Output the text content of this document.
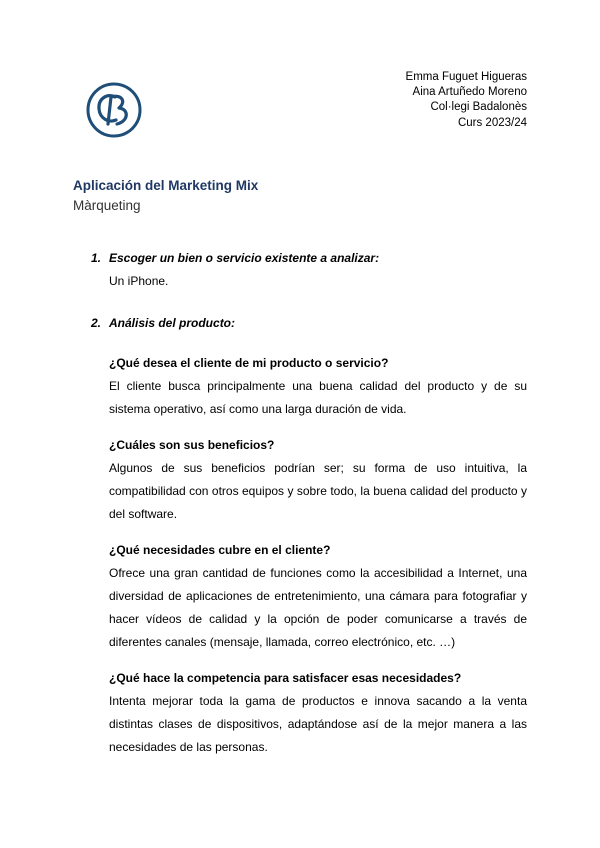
Emma Fuguet Higueras
Aina Artuñedo Moreno
Col·legi Badalonès
Curs 2023/24
Aplicación del Marketing Mix
Màrqueting
1. Escoger un bien o servicio existente a analizar:

Un iPhone.

2. Análisis del producto:

¿Qué desea el cliente de mi producto o servicio?

El cliente busca principalmente una buena calidad del producto y de su sistema operativo, así como una larga duración de vida.

¿Cuáles son sus beneficios?

Algunos de sus beneficios podrían ser; su forma de uso intuitiva, la compatibilidad con otros equipos y sobre todo, la buena calidad del producto y del software.

¿Qué necesidades cubre en el cliente?

Ofrece una gran cantidad de funciones como la accesibilidad a Internet, una diversidad de aplicaciones de entretenimiento, una cámara para fotografiar y hacer vídeos de calidad y la opción de poder comunicarse a través de diferentes canales (mensaje, llamada, correo electrónico, etc. …)

¿Qué hace la competencia para satisfacer esas necesidades?

Intenta mejorar toda la gama de productos e innova sacando a la venta distintas clases de dispositivos, adaptándose así de la mejor manera a las necesidades de las personas.
